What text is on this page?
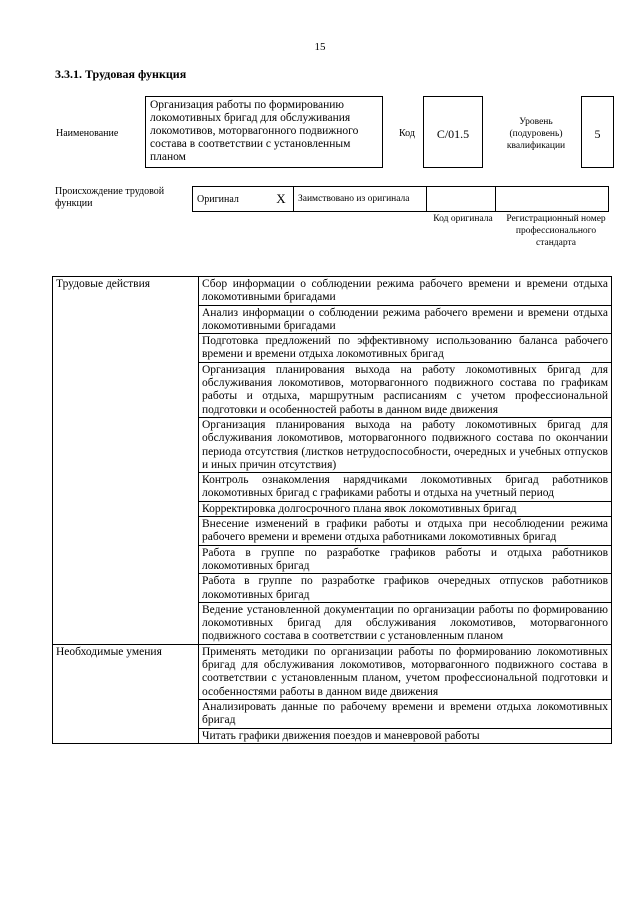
15
3.3.1. Трудовая функция
Наименование
Организация работы по формированию локомотивных бригад для обслуживания локомотивов, моторвагонного подвижного состава в соответствии с установленным планом
Код	C/01.5
Уровень (подуровень) квалификации
5
Происхождение трудовой функции	Оригинал	X	Заимствовано из оригинала		
Код оригинала	Регистрационный номер профессионального стандарта
Трудовые действия	Сбор информации о соблюдении режима рабочего времени и времени отдыха локомотивными бригадами
	Анализ информации о соблюдении режима рабочего времени и времени отдыха локомотивными бригадами
	Подготовка предложений по эффективному использованию баланса рабочего времени и времени отдыха локомотивных бригад
	Организация планирования выхода на работу локомотивных бригад для обслуживания локомотивов, моторвагонного подвижного состава по графикам работы и отдыха, маршрутным расписаниям с учетом профессиональной подготовки и особенностей работы в данном виде движения
	Организация планирования выхода на работу локомотивных бригад для обслуживания локомотивов, моторвагонного подвижного состава по окончании периода отсутствия (листков нетрудоспособности, очередных и учебных отпусков и иных причин отсутствия)
	Контроль ознакомления нарядчиками локомотивных бригад работников локомотивных бригад с графиками работы и отдыха на учетный период
	Корректировка долгосрочного плана явок локомотивных бригад
	Внесение изменений в графики работы и отдыха при несоблюдении режима рабочего времени и времени отдыха работниками локомотивных бригад
	Работа в группе по разработке графиков работы и отдыха работников локомотивных бригад
	Работа в группе по разработке графиков очередных отпусков работников локомотивных бригад
	Ведение установленной документации по организации работы по формированию локомотивных бригад для обслуживания локомотивов, моторвагонного подвижного состава в соответствии с установленным планом
Необходимые умения	Применять методики по организации работы по формированию локомотивных бригад для обслуживания локомотивов, моторвагонного подвижного состава в соответствии с установленным планом, учетом профессиональной подготовки и особенностями работы в данном виде движения
	Анализировать данные по рабочему времени и времени отдыха локомотивных бригад
	Читать графики движения поездов и маневровой работы
